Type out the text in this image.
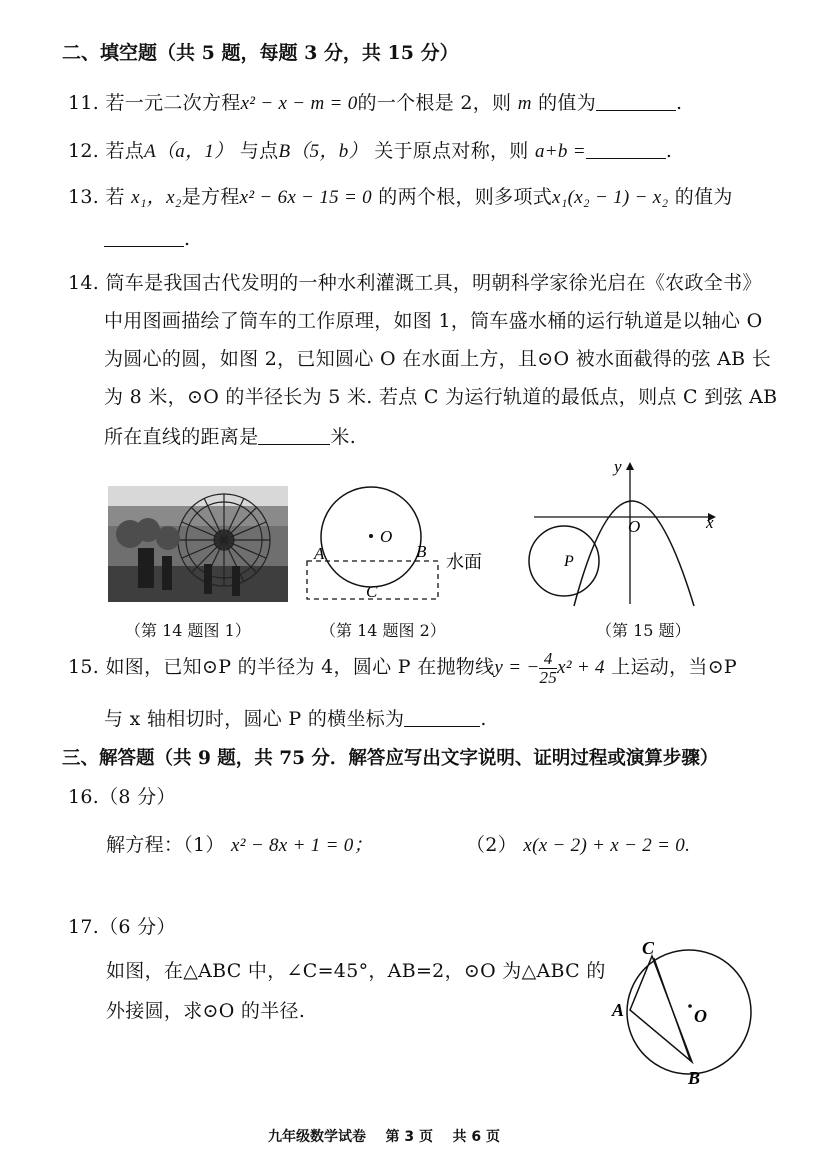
二、填空题（共 5 题，每题 3 分，共 15 分）
11. 若一元二次方程x² − x − m = 0的一个根是 2，则 m 的值为	.
12. 若点A（a，1） 与点B（5，b） 关于原点对称，则 a+b =	.
13. 若 x₁，x₂是方程x² − 6x − 15 = 0 的两个根，则多项式x₁(x₂ − 1) − x₂ 的值为
.
14. 筒车是我国古代发明的一种水利灌溉工具，明朝科学家徐光启在《农政全书》
中用图画描绘了筒车的工作原理，如图 1，筒车盛水桶的运行轨道是以轴心 O
为圆心的圆，如图 2，已知圆心 O 在水面上方，且⊙O 被水面截得的弦 AB 长
为 8 米，⊙O 的半径长为 5 米. 若点 C 为运行轨道的最低点，则点 C 到弦 AB
所在直线的距离是	米.
（第 14 题图 1）
O
A	B
C
水面
（第 14 题图 2）
y
x
O
P
（第 15 题）
15. 如图，已知⊙P 的半径为 4，圆心 P 在抛物线y = − $\frac{4}{25} x^2 + 4$ 上运动，当⊙P
与 x 轴相切时，圆心 P 的横坐标为	.
三、解答题（共 9 题，共 75 分．解答应写出文字说明、证明过程或演算步骤）
16.（8 分）
解方程：（1） x² − 8x + 1 = 0；	（2） x(x − 2) + x − 2 = 0.
17.（6 分）
如图，在△ABC 中，∠C=45°，AB=2，⊙O 为△ABC 的
外接圆，求⊙O 的半径.
C
A
B
O
九年级数学试卷    第 3 页    共 6 页
